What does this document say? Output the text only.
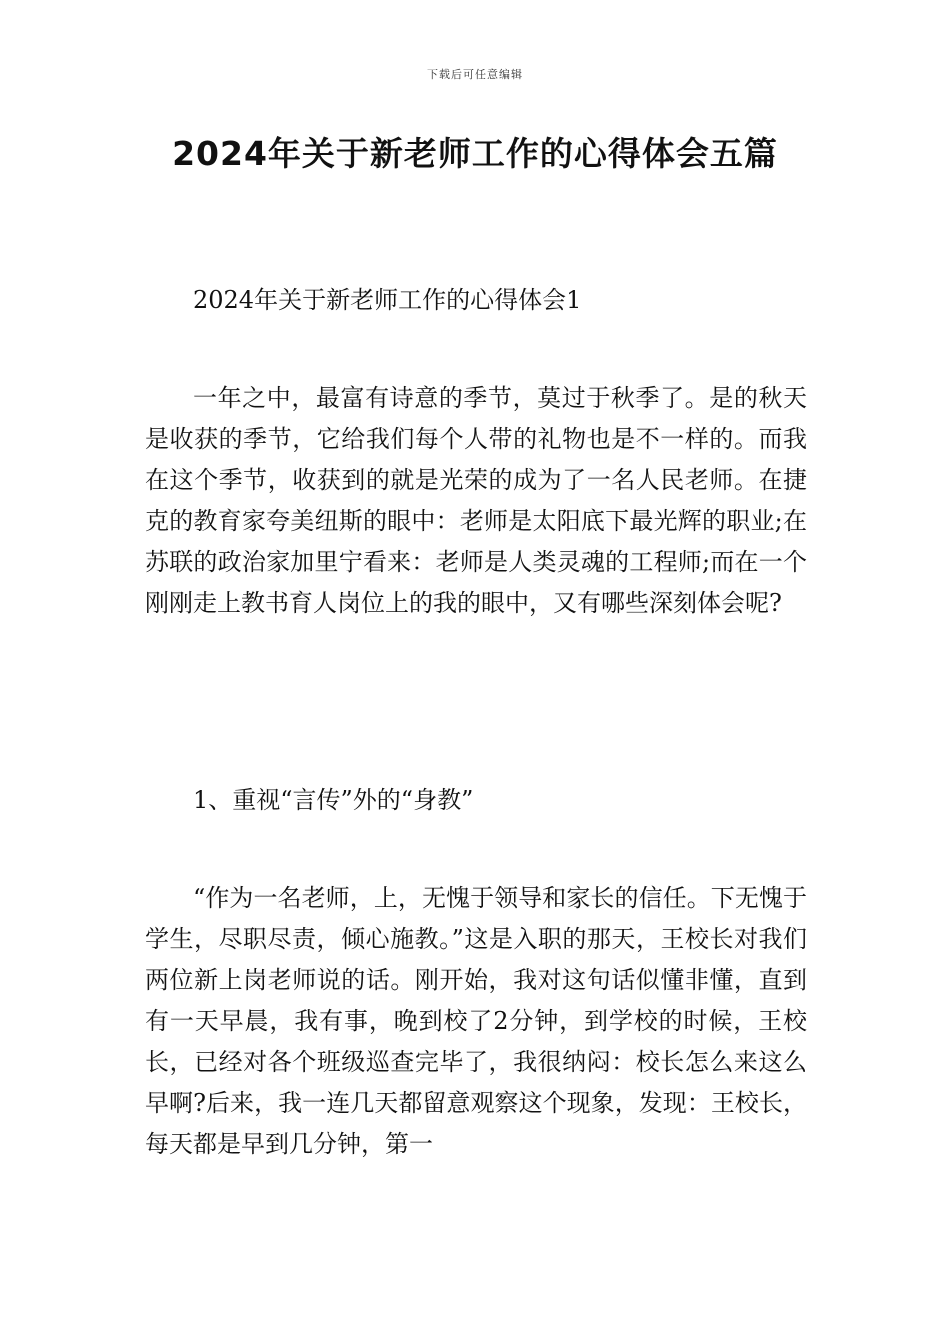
下载后可任意编辑
2024年关于新老师工作的心得体会五篇

2024年关于新老师工作的心得体会1

一年之中，最富有诗意的季节，莫过于秋季了。是的秋天是收获的季节，它给我们每个人带的礼物也是不一样的。而我在这个季节，收获到的就是光荣的成为了一名人民老师。在捷克的教育家夸美纽斯的眼中：老师是太阳底下最光辉的职业;在苏联的政治家加里宁看来：老师是人类灵魂的工程师;而在一个刚刚走上教书育人岗位上的我的眼中，又有哪些深刻体会呢?

1、重视“言传”外的“身教”

“作为一名老师，上，无愧于领导和家长的信任。下无愧于学生，尽职尽责，倾心施教。”这是入职的那天，王校长对我们两位新上岗老师说的话。刚开始，我对这句话似懂非懂，直到有一天早晨，我有事，晚到校了2分钟，到学校的时候，王校长，已经对各个班级巡查完毕了，我很纳闷：校长怎么来这么早啊?后来，我一连几天都留意观察这个现象，发现：王校长，每天都是早到几分钟，第一
